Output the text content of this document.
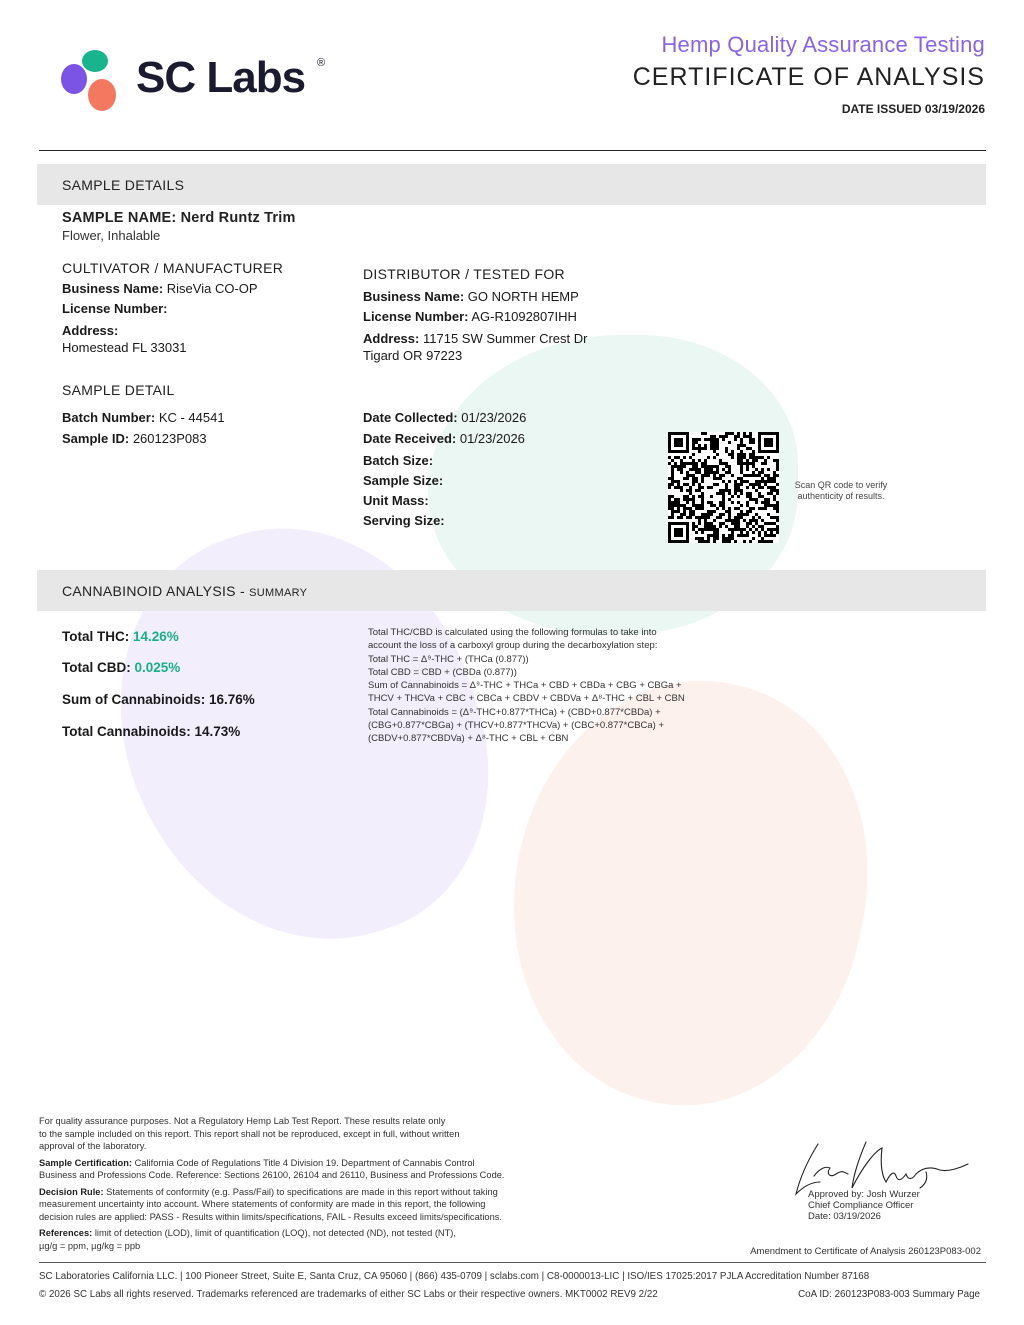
SC Labs ®
Hemp Quality Assurance Testing
CERTIFICATE OF ANALYSIS
DATE ISSUED 03/19/2026
SAMPLE DETAILS
SAMPLE NAME: Nerd Runtz Trim
Flower, Inhalable
CULTIVATOR / MANUFACTURER
Business Name: RiseVia CO-OP
License Number:
Address:
Homestead FL 33031
DISTRIBUTOR / TESTED FOR
Business Name: GO NORTH HEMP
License Number: AG-R1092807IHH
Address: 11715 SW Summer Crest Dr
Tigard OR 97223
SAMPLE DETAIL
Batch Number: KC - 44541
Sample ID: 260123P083
Date Collected: 01/23/2026
Date Received: 01/23/2026
Batch Size:
Sample Size:
Unit Mass:
Serving Size:
Scan QR code to verify
authenticity of results.
CANNABINOID ANALYSIS - SUMMARY
Total THC: 14.26%
Total CBD: 0.025%
Sum of Cannabinoids: 16.76%
Total Cannabinoids: 14.73%
Total THC/CBD is calculated using the following formulas to take into
account the loss of a carboxyl group during the decarboxylation step:
Total THC = Δ⁹-THC + (THCa (0.877))
Total CBD = CBD + (CBDa (0.877))
Sum of Cannabinoids = Δ⁹-THC + THCa + CBD + CBDa + CBG + CBGa +
THCV + THCVa + CBC + CBCa + CBDV + CBDVa + Δ⁸-THC + CBL + CBN
Total Cannabinoids = (Δ⁹-THC+0.877*THCa) + (CBD+0.877*CBDa) +
(CBG+0.877*CBGa) + (THCV+0.877*THCVa) + (CBC+0.877*CBCa) +
(CBDV+0.877*CBDVa) + Δ⁸-THC + CBL + CBN
For quality assurance purposes. Not a Regulatory Hemp Lab Test Report. These results relate only
to the sample included on this report. This report shall not be reproduced, except in full, without written
approval of the laboratory.
Sample Certification: California Code of Regulations Title 4 Division 19. Department of Cannabis Control
Business and Professions Code. Reference: Sections 26100, 26104 and 26110, Business and Professions Code.
Decision Rule: Statements of conformity (e.g. Pass/Fail) to specifications are made in this report without taking
measurement uncertainty into account. Where statements of conformity are made in this report, the following
decision rules are applied: PASS - Results within limits/specifications, FAIL - Results exceed limits/specifications.
References: limit of detection (LOD), limit of quantification (LOQ), not detected (ND), not tested (NT),
µg/g = ppm, µg/kg = ppb
Approved by: Josh Wurzer
Chief Compliance Officer
Date: 03/19/2026
Amendment to Certificate of Analysis 260123P083-002
SC Laboratories California LLC. | 100 Pioneer Street, Suite E, Santa Cruz, CA 95060 | (866) 435-0709 | sclabs.com | C8-0000013-LIC | ISO/IES 17025:2017 PJLA Accreditation Number 87168
© 2026 SC Labs all rights reserved. Trademarks referenced are trademarks of either SC Labs or their respective owners. MKT0002 REV9 2/22	CoA ID: 260123P083-003 Summary Page
